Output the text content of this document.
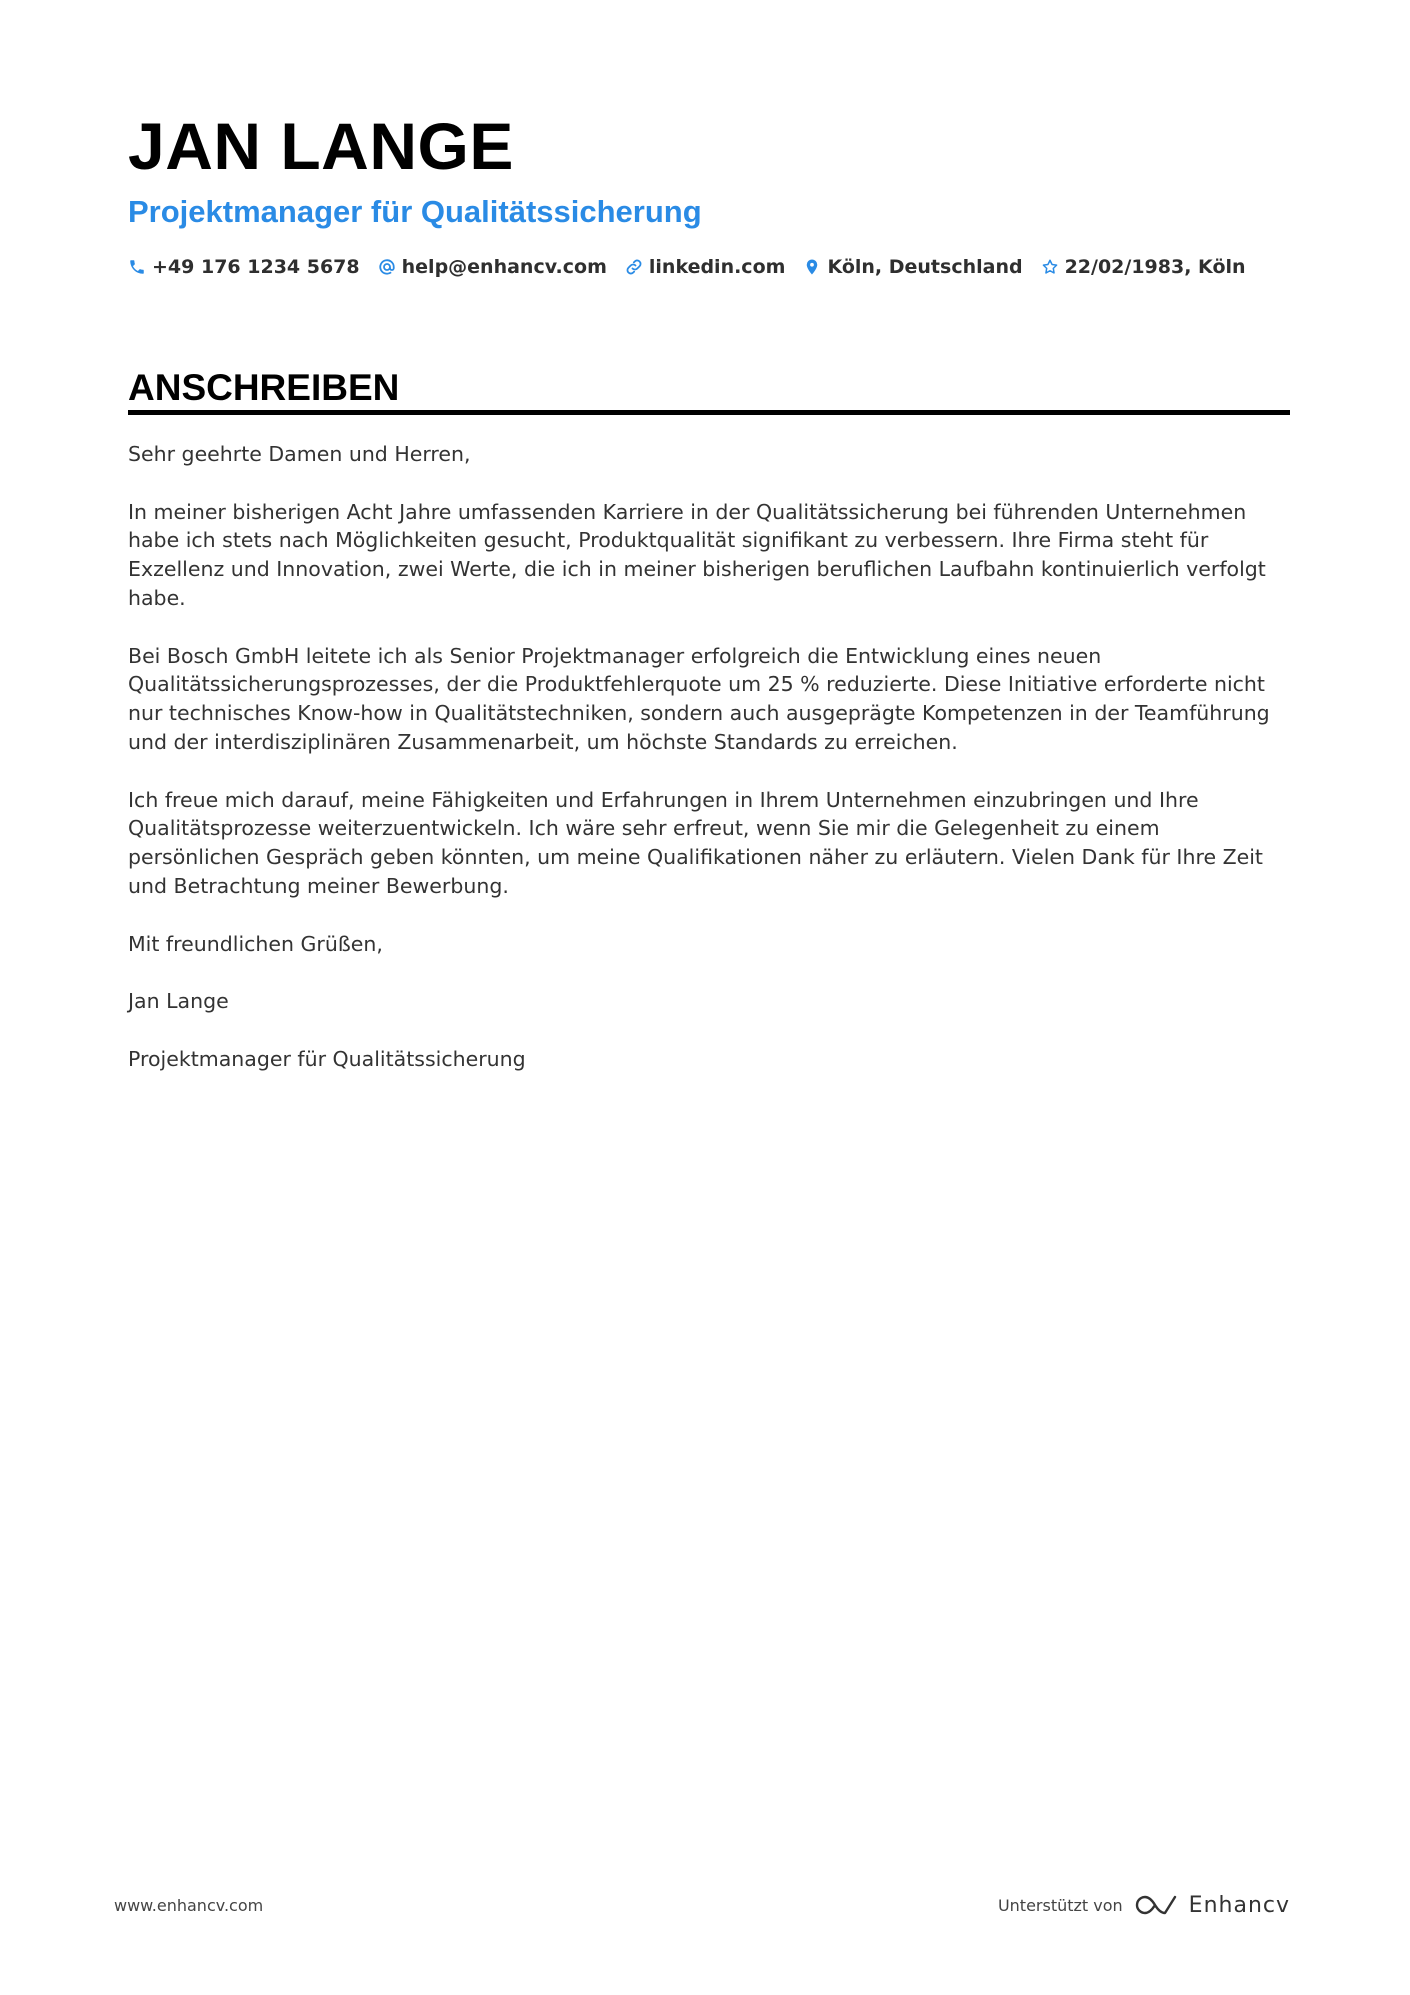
JAN LANGE
Projektmanager für Qualitätssicherung
+49 176 1234 5678 help@enhancv.com linkedin.com Köln, Deutschland 22/02/1983, Köln
ANSCHREIBEN

Sehr geehrte Damen und Herren,

In meiner bisherigen Acht Jahre umfassenden Karriere in der Qualitätssicherung bei führenden Unternehmen habe ich stets nach Möglichkeiten gesucht, Produktqualität signifikant zu verbessern. Ihre Firma steht für Exzellenz und Innovation, zwei Werte, die ich in meiner bisherigen beruflichen Laufbahn kontinuierlich verfolgt habe.

Bei Bosch GmbH leitete ich als Senior Projektmanager erfolgreich die Entwicklung eines neuen Qualitätssicherungsprozesses, der die Produktfehlerquote um 25 % reduzierte. Diese Initiative erforderte nicht nur technisches Know-how in Qualitätstechniken, sondern auch ausgeprägte Kompetenzen in der Teamführung und der interdisziplinären Zusammenarbeit, um höchste Standards zu erreichen.

Ich freue mich darauf, meine Fähigkeiten und Erfahrungen in Ihrem Unternehmen einzubringen und Ihre Qualitätsprozesse weiterzuentwickeln. Ich wäre sehr erfreut, wenn Sie mir die Gelegenheit zu einem persönlichen Gespräch geben könnten, um meine Qualifikationen näher zu erläutern. Vielen Dank für Ihre Zeit und Betrachtung meiner Bewerbung.

Mit freundlichen Grüßen,

Jan Lange

Projektmanager für Qualitätssicherung

www.enhancv.com	Unterstützt von	Enhancv
